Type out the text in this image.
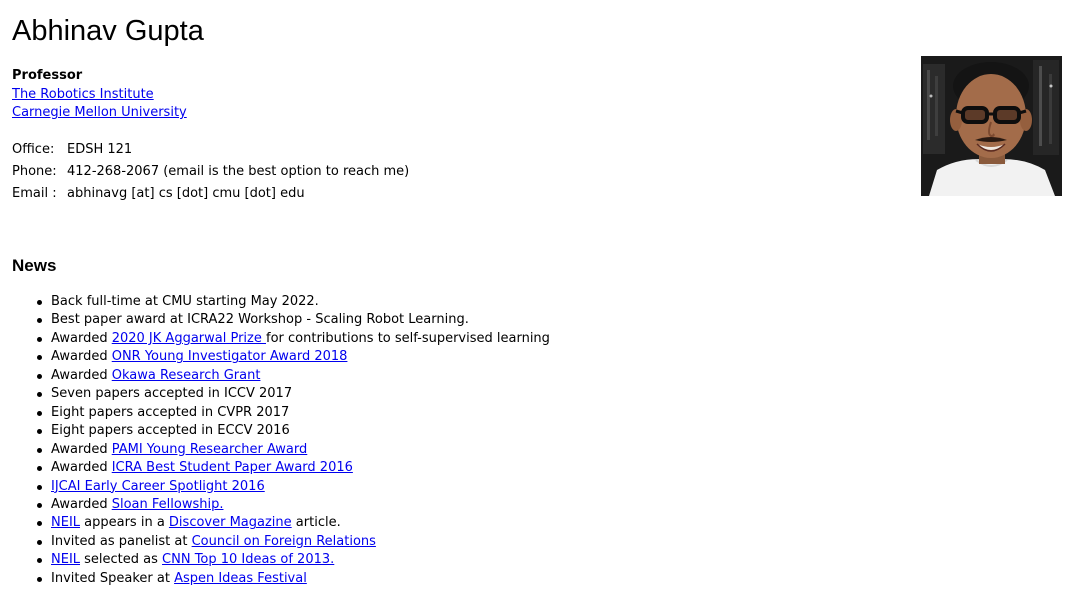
Abhinav Gupta
Professor
The Robotics Institute
Carnegie Mellon University
Office: EDSH 121
Phone: 412-268-2067 (email is the best option to reach me)
Email : abhinavg [at] cs [dot] cmu [dot] edu
News
Back full-time at CMU starting May 2022.
Best paper award at ICRA22 Workshop - Scaling Robot Learning.
Awarded 2020 JK Aggarwal Prize for contributions to self-supervised learning
Awarded ONR Young Investigator Award 2018
Awarded Okawa Research Grant
Seven papers accepted in ICCV 2017
Eight papers accepted in CVPR 2017
Eight papers accepted in ECCV 2016
Awarded PAMI Young Researcher Award
Awarded ICRA Best Student Paper Award 2016
IJCAI Early Career Spotlight 2016
Awarded Sloan Fellowship.
NEIL appears in a Discover Magazine article.
Invited as panelist at Council on Foreign Relations
NEIL selected as CNN Top 10 Ideas of 2013.
Invited Speaker at Aspen Ideas Festival
